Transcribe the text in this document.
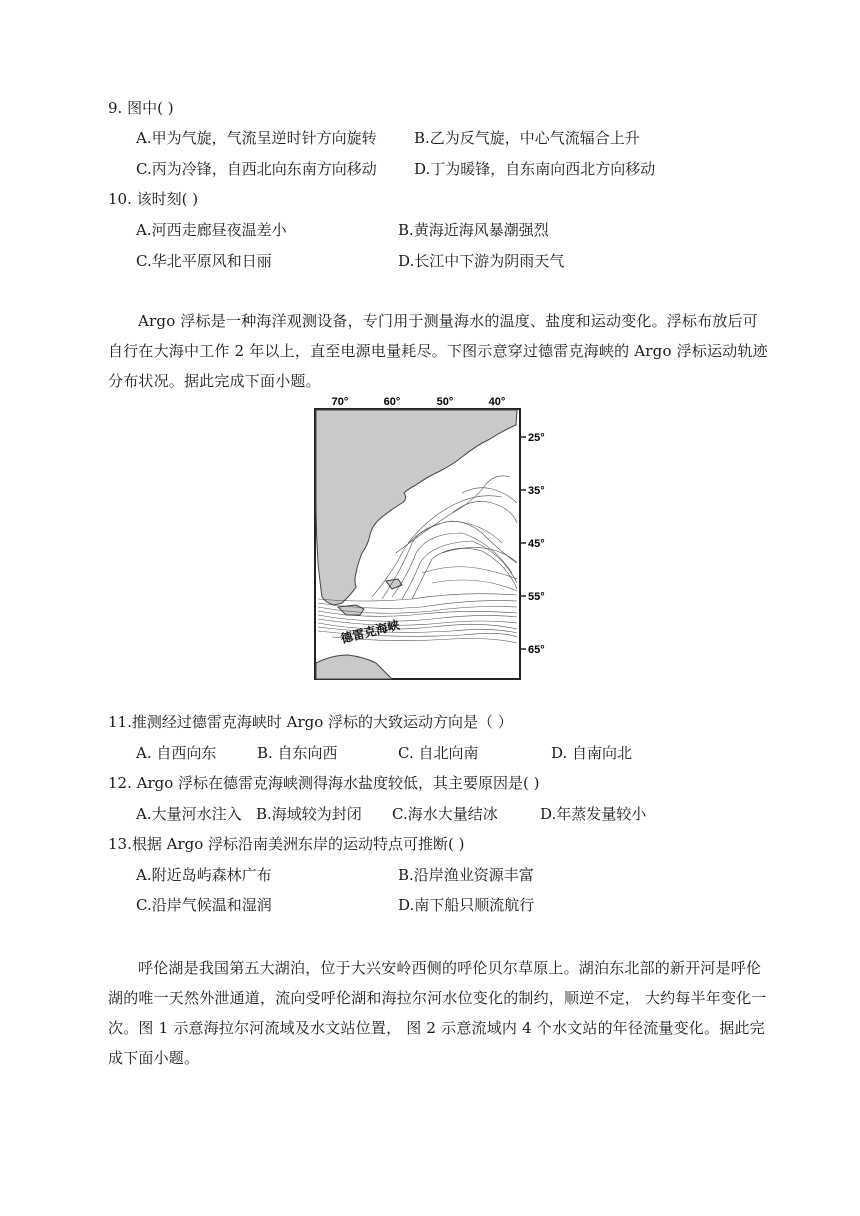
9. 图中( )
A.甲为气旋，气流呈逆时针方向旋转 B.乙为反气旋，中心气流辐合上升
C.丙为冷锋，自西北向东南方向移动 D.丁为暖锋，自东南向西北方向移动
10. 该时刻( )
A.河西走廊昼夜温差小	B.黄海近海风暴潮强烈
C.华北平原风和日丽	D.长江中下游为阴雨天气
Argo 浮标是一种海洋观测设备，专门用于测量海水的温度、盐度和运动变化。浮标布放后可自行在大海中工作 2 年以上，直至电源电量耗尽。下图示意穿过德雷克海峡的 Argo 浮标运动轨迹分布状况。据此完成下面小题。
70°	60°	50°	40°
25°
35°
45°
55°
65°
德雷克海峡
11.推测经过德雷克海峡时 Argo 浮标的大致运动方向是（ ）
A. 自西向东	B. 自东向西	C. 自北向南	D. 自南向北
12. Argo 浮标在德雷克海峡测得海水盐度较低，其主要原因是( )
A.大量河水注入 B.海域较为封闭 C.海水大量结冰	D.年蒸发量较小
13.根据 Argo 浮标沿南美洲东岸的运动特点可推断( )
A.附近岛屿森林广布	B.沿岸渔业资源丰富
C.沿岸气候温和湿润	D.南下船只顺流航行
呼伦湖是我国第五大湖泊，位于大兴安岭西侧的呼伦贝尔草原上。湖泊东北部的新开河是呼伦湖的唯一天然外泄通道，流向受呼伦湖和海拉尔河水位变化的制约，顺逆不定， 大约每半年变化一次。图 1 示意海拉尔河流域及水文站位置， 图 2 示意流域内 4 个水文站的年径流量变化。据此完成下面小题。
